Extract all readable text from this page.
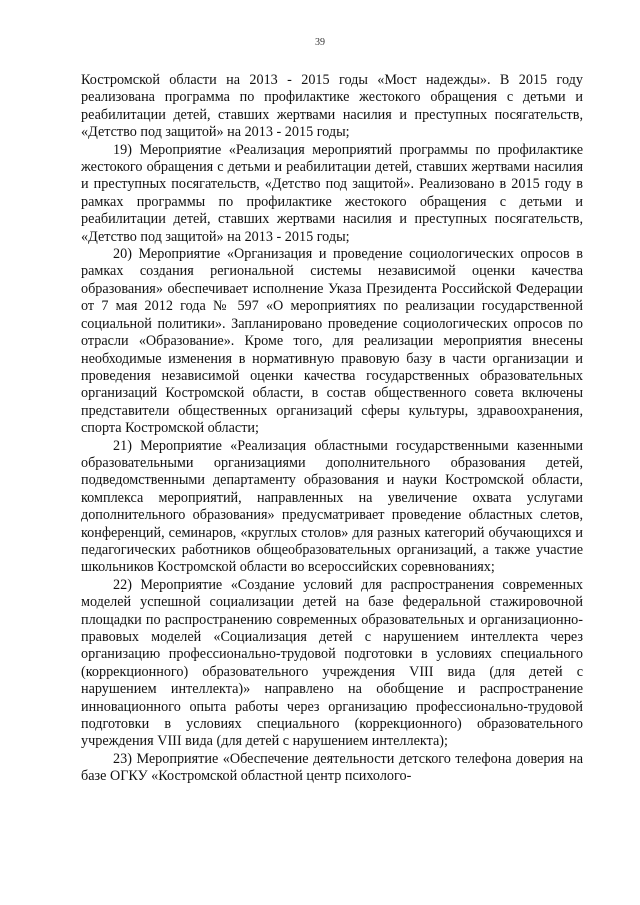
39

Костромской области на 2013 - 2015 годы «Мост надежды». В 2015 году реализована программа по профилактике жестокого обращения с детьми и реабилитации детей, ставших жертвами насилия и преступных посягательств, «Детство под защитой» на 2013 - 2015 годы;

19) Мероприятие «Реализация мероприятий программы по профилактике жестокого обращения с детьми и реабилитации детей, ставших жертвами насилия и преступных посягательств, «Детство под защитой». Реализовано в 2015 году в рамках программы по профилактике жестокого обращения с детьми и реабилитации детей, ставших жертвами насилия и преступных посягательств, «Детство под защитой» на 2013 - 2015 годы;

20) Мероприятие «Организация и проведение социологических опросов в рамках создания региональной системы независимой оценки качества образования» обеспечивает исполнение Указа Президента Российской Федерации от 7 мая 2012 года № 597 «О мероприятиях по реализации государственной социальной политики». Запланировано проведение социологических опросов по отрасли «Образование». Кроме того, для реализации мероприятия внесены необходимые изменения в нормативную правовую базу в части организации и проведения независимой оценки качества государственных образовательных организаций Костромской области, в состав общественного совета включены представители общественных организаций сферы культуры, здравоохранения, спорта Костромской области;

21) Мероприятие «Реализация областными государственными казенными образовательными организациями дополнительного образования детей, подведомственными департаменту образования и науки Костромской области, комплекса мероприятий, направленных на увеличение охвата услугами дополнительного образования» предусматривает проведение областных слетов, конференций, семинаров, «круглых столов» для разных категорий обучающихся и педагогических работников общеобразовательных организаций, а также участие школьников Костромской области во всероссийских соревнованиях;

22) Мероприятие «Создание условий для распространения современных моделей успешной социализации детей на базе федеральной стажировочной площадки по распространению современных образовательных и организационно-правовых моделей «Социализация детей с нарушением интеллекта через организацию профессионально-трудовой подготовки в условиях специального (коррекционного) образовательного учреждения VIII вида (для детей с нарушением интеллекта)» направлено на обобщение и распространение инновационного опыта работы через организацию профессионально-трудовой подготовки в условиях специального (коррекционного) образовательного учреждения VIII вида (для детей с нарушением интеллекта);

23) Мероприятие «Обеспечение деятельности детского телефона доверия на базе ОГКУ «Костромской областной центр психолого-
